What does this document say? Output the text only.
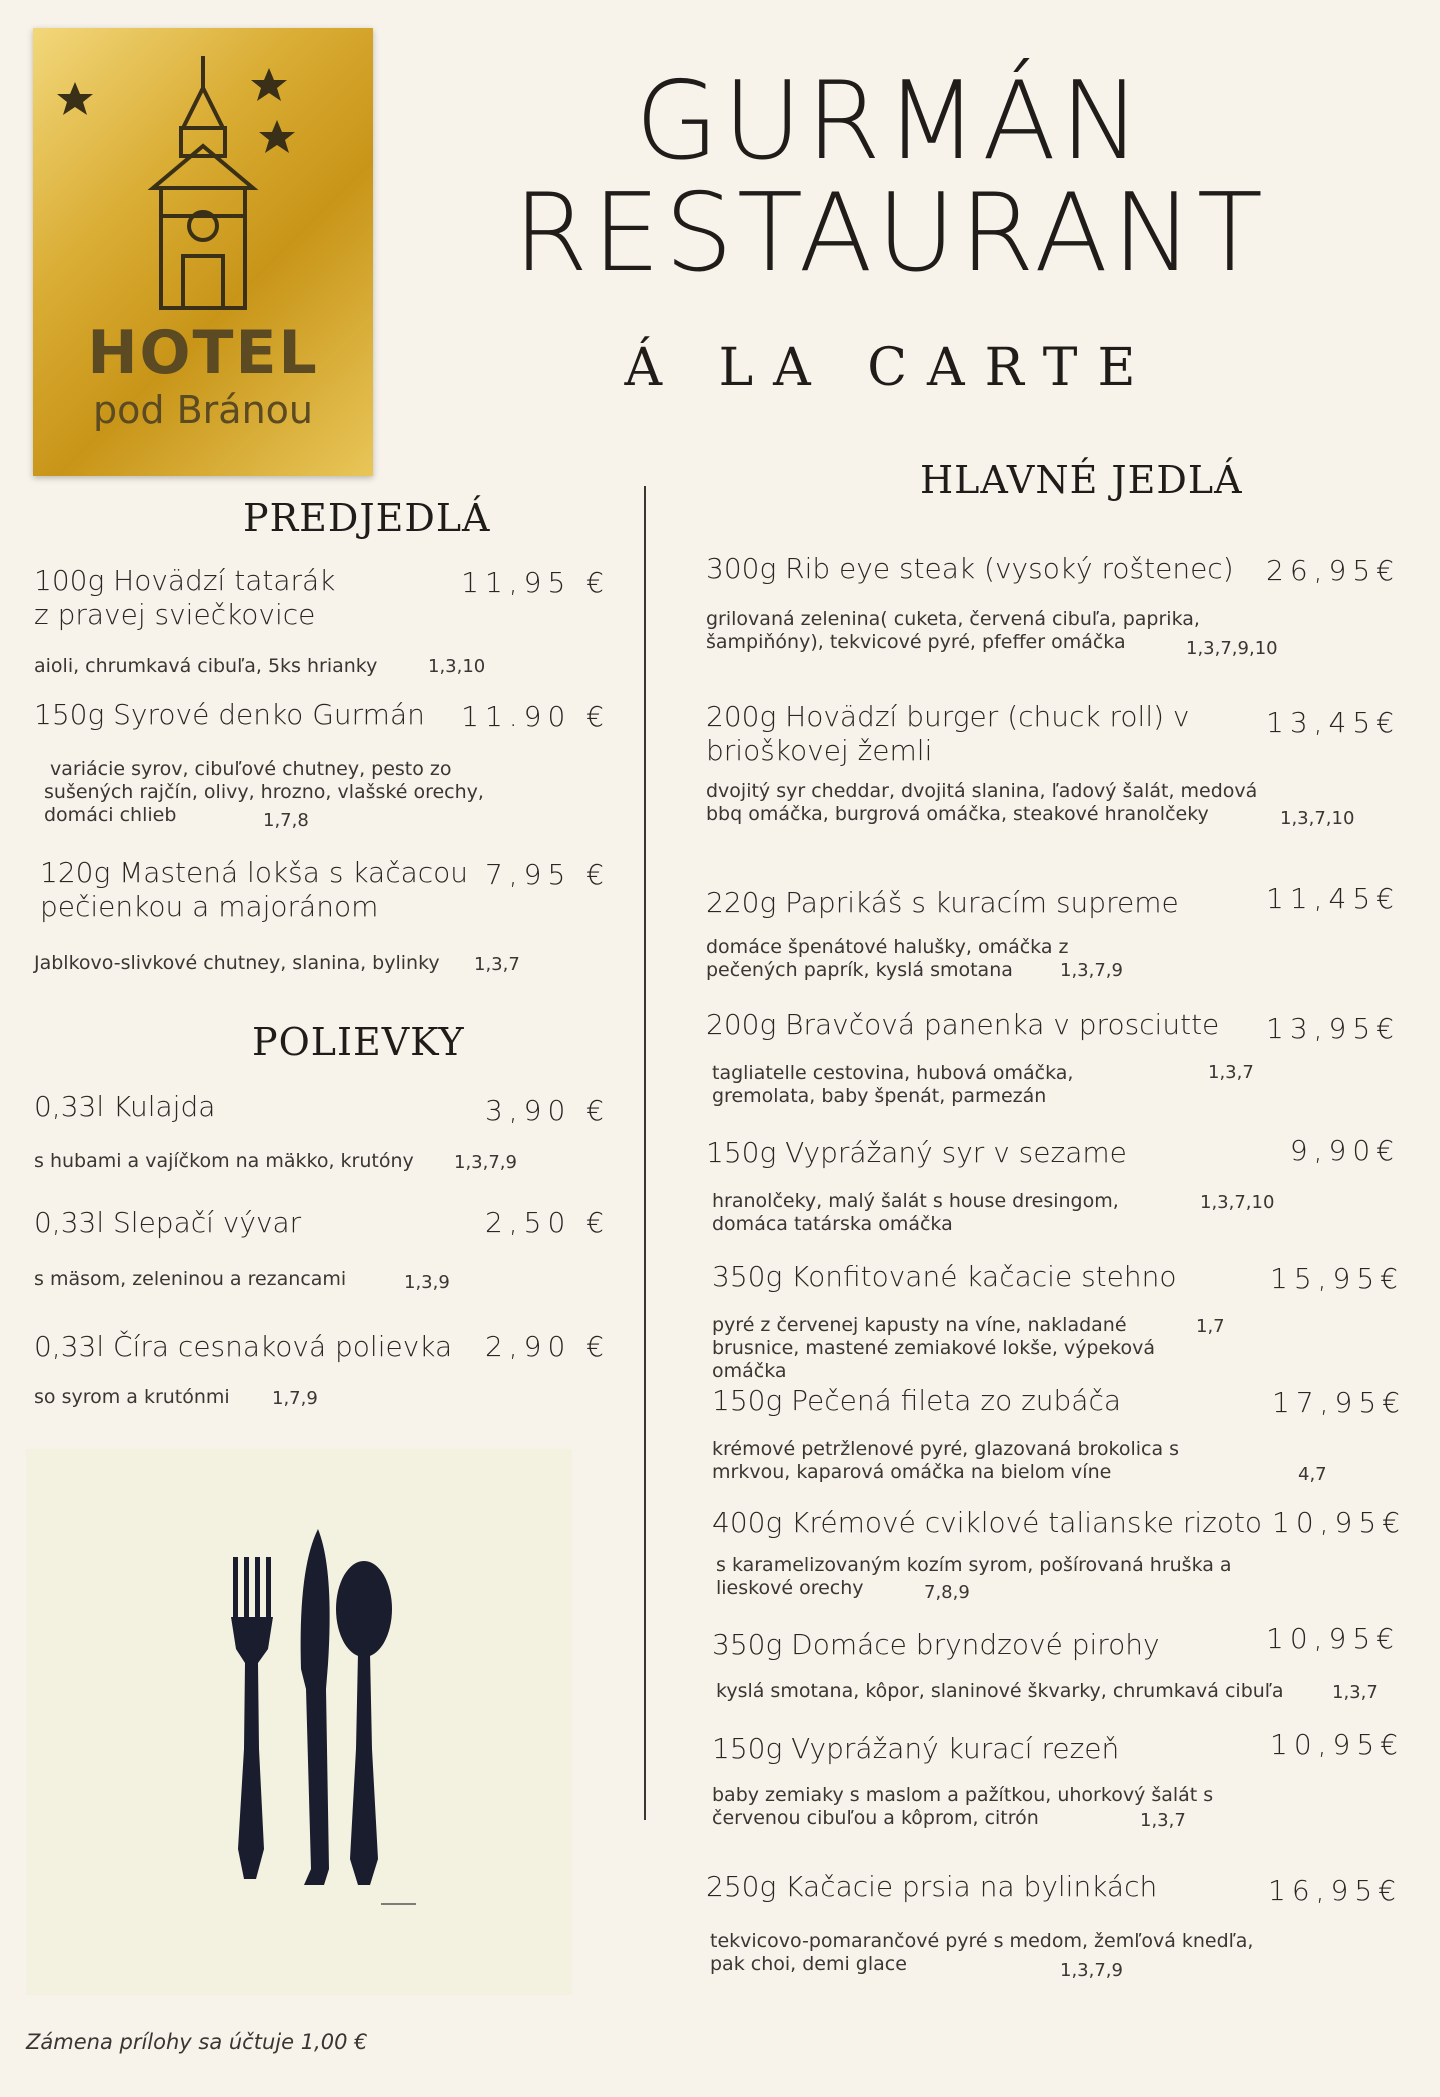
HOTEL
pod Bránou
GURMÁN
RESTAURANT
Á LA CARTE
PREDJEDLÁ
POLIEVKY
HLAVNÉ JEDLÁ
100g Hovädzí tatarák
z pravej sviečkovice
11,95 €
aioli, chrumkavá cibuľa, 5ks hrianky	1,3,10
150g Syrové denko Gurmán	11.90 €
variácie syrov, cibuľové chutney, pesto zo
sušených rajčín, olivy, hrozno, vlašské orechy,
domáci chlieb	1,7,8
120g Mastená lokša s kačacou
pečienkou a majoránom
7,95 €
Jablkovo-slivkové chutney, slanina, bylinky 1,3,7
0,33l Kulajda	3,90 €
s hubami a vajíčkom na mäkko, krutóny 1,3,7,9
0,33l Slepačí vývar	2,50 €
s mäsom, zeleninou a rezancami	1,3,9
0,33l Číra cesnaková polievka	2,90 €
so syrom a krutónmi 1,7,9
300g Rib eye steak (vysoký roštenec)	26,95€
grilovaná zelenina( cuketa, červená cibuľa, paprika,
šampiňóny), tekvicové pyré, pfeffer omáčka	1,3,7,9,10
200g Hovädzí burger (chuck roll) v
brioškovej žemli
13,45€
dvojitý syr cheddar, dvojitá slanina, ľadový šalát, medová
bbq omáčka, burgrová omáčka, steakové hranolčeky	1,3,7,10
220g Paprikáš s kuracím supreme	11,45€
domáce špenátové halušky, omáčka z
pečených paprík, kyslá smotana	1,3,7,9
200g Bravčová panenka v prosciutte	13,95€
tagliatelle cestovina, hubová omáčka,
gremolata, baby špenát, parmezán
1,3,7
150g Vyprážaný syr v sezame	9,90€
hranolčeky, malý šalát s house dresingom,
domáca tatárska omáčka
1,3,7,10
350g Konfitované kačacie stehno	15,95€
pyré z červenej kapusty na víne, nakladané
brusnice, mastené zemiakové lokše, výpeková
omáčka
1,7
150g Pečená fileta zo zubáča	17,95€
krémové petržlenové pyré, glazovaná brokolica s
mrkvou, kaparová omáčka na bielom víne	4,7
400g Krémové cviklové talianske rizoto 10,95€
s karamelizovaným kozím syrom, pošírovaná hruška a
lieskové orechy	7,8,9
350g Domáce bryndzové pirohy	10,95€
kyslá smotana, kôpor, slaninové škvarky, chrumkavá cibuľa	1,3,7
150g Vyprážaný kurací rezeň	10,95€
baby zemiaky s maslom a pažítkou, uhorkový šalát s
červenou cibuľou a kôprom, citrón	1,3,7
250g Kačacie prsia na bylinkách	16,95€
tekvicovo-pomarančové pyré s medom, žemľová knedľa,
pak choi, demi glace	1,3,7,9
Zámena prílohy sa účtuje 1,00 €
